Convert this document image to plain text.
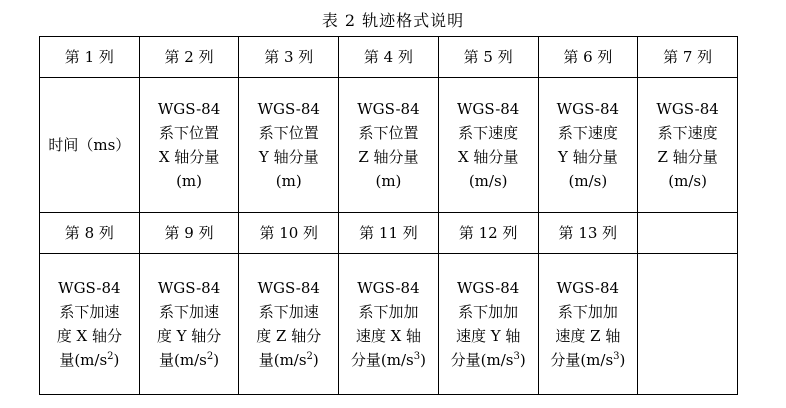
表 2 轨迹格式说明
第 1 列	第 2 列	第 3 列	第 4 列	第 5 列	第 6 列	第 7 列

时间（ms）	WGS-84
系下位置
X 轴分量
(m)	WGS-84
系下位置
Y 轴分量
(m)	WGS-84
系下位置
Z 轴分量
(m)	WGS-84
系下速度
X 轴分量
(m/s)	WGS-84
系下速度
Y 轴分量
(m/s)	WGS-84
系下速度
Z 轴分量
(m/s)

第 8 列	第 9 列	第 10 列	第 11 列	第 12 列	第 13 列	

WGS-84
系下加速
度 X 轴分
量$(m/s^2)$	WGS-84
系下加速
度 Y 轴分
量$(m/s^2)$	WGS-84
系下加速
度 Z 轴分
量$(m/s^2)$	WGS-84
系下加加
速度 X 轴
分量$(m/s^3)$	WGS-84
系下加加
速度 Y 轴
分量$(m/s^3)$	WGS-84
系下加加
速度 Z 轴
分量$(m/s^3)$	
